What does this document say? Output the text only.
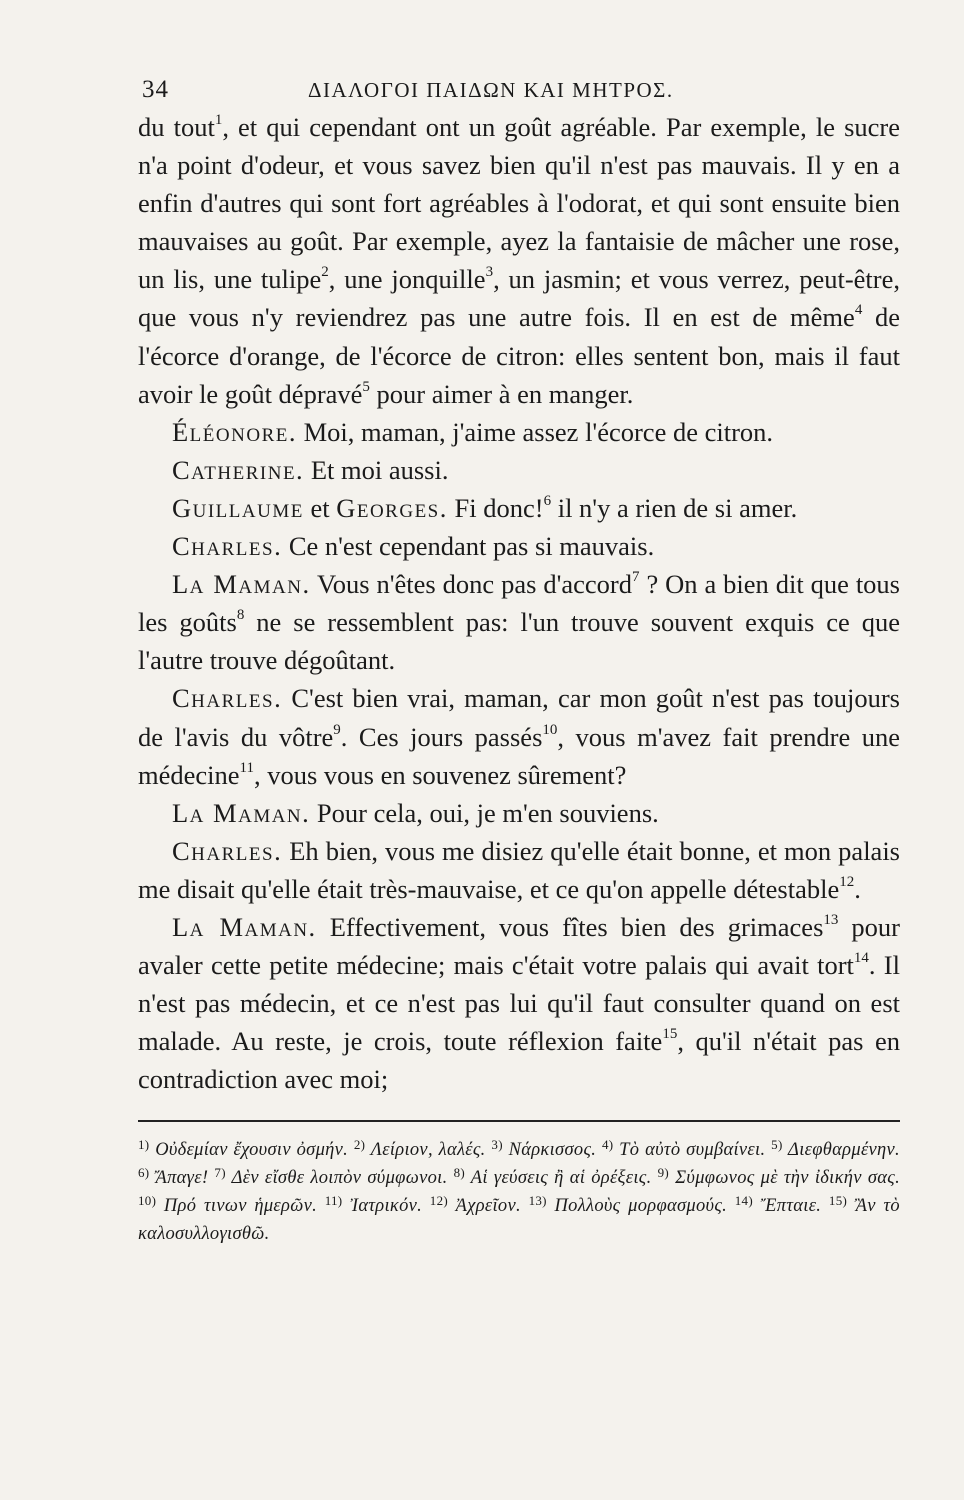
34	ΔΙΑΛΟΓΟΙ ΠΑΙΔΩΝ ΚΑΙ ΜΗΤΡΟΣ.

du tout$^1$, et qui cependant ont un goût agréable. Par exemple, le sucre n'a point d'odeur, et vous savez bien qu'il n'est pas mauvais. Il y en a enfin d'autres qui sont fort agréables à l'odorat, et qui sont ensuite bien mauvaises au goût. Par exemple, ayez la fantaisie de mâcher une rose, un lis, une tulipe$^2$, une jonquille$^3$, un jasmin; et vous verrez, peut-être, que vous n'y reviendrez pas une autre fois. Il en est de même$^4$ de l'écorce d'orange, de l'écorce de citron: elles sentent bon, mais il faut avoir le goût dépravé$^5$ pour aimer à en manger.

Éléonore. Moi, maman, j'aime assez l'écorce de citron.

Catherine. Et moi aussi.

Guillaume et Georges. Fi donc!$^6$ il n'y a rien de si amer.

Charles. Ce n'est cependant pas si mauvais.

La Maman. Vous n'êtes donc pas d'accord$^7$ ? On a bien dit que tous les goûts$^8$ ne se ressemblent pas: l'un trouve souvent exquis ce que l'autre trouve dégoûtant.

Charles. C'est bien vrai, maman, car mon goût n'est pas toujours de l'avis du vôtre$^9$. Ces jours passés$^{10}$, vous m'avez fait prendre une médecine$^{11}$, vous vous en souvenez sûrement?

La Maman. Pour cela, oui, je m'en souviens.

Charles. Eh bien, vous me disiez qu'elle était bonne, et mon palais me disait qu'elle était très-mauvaise, et ce qu'on appelle détestable$^{12}$.

La Maman. Effectivement, vous fîtes bien des grimaces$^{13}$ pour avaler cette petite médecine; mais c'était votre palais qui avait tort$^{14}$. Il n'est pas médecin, et ce n'est pas lui qu'il faut consulter quand on est malade. Au reste, je crois, toute réflexion faite$^{15}$, qu'il n'était pas en contradiction avec moi;

$^{1)}$ Οὐδεμίαν ἔχουσιν ὀσμήν. $^{2)}$ Λείριον, λαλές. $^{3)}$ Νάρκισσος. $^{4)}$ Τὸ αὐτὸ συμβαίνει. $^{5)}$ Διεφθαρμένην. $^{6)}$ Ἄπαγε! $^{7)}$ Δὲν εἴσθε λοιπὸν σύμφωνοι. $^{8)}$ Αἱ γεύσεις ἢ αἱ ὀρέξεις. $^{9)}$ Σύμφωνος μὲ τὴν ἰδικήν σας. $^{10)}$ Πρό τινων ἡμερῶν. $^{11)}$ Ἰατρικόν. $^{12)}$ Ἀχρεῖον. $^{13)}$ Πολλοὺς μορφασμούς. $^{14)}$ Ἔπταιε. $^{15)}$ Ἂν τὸ καλοσυλλογισθῶ.
